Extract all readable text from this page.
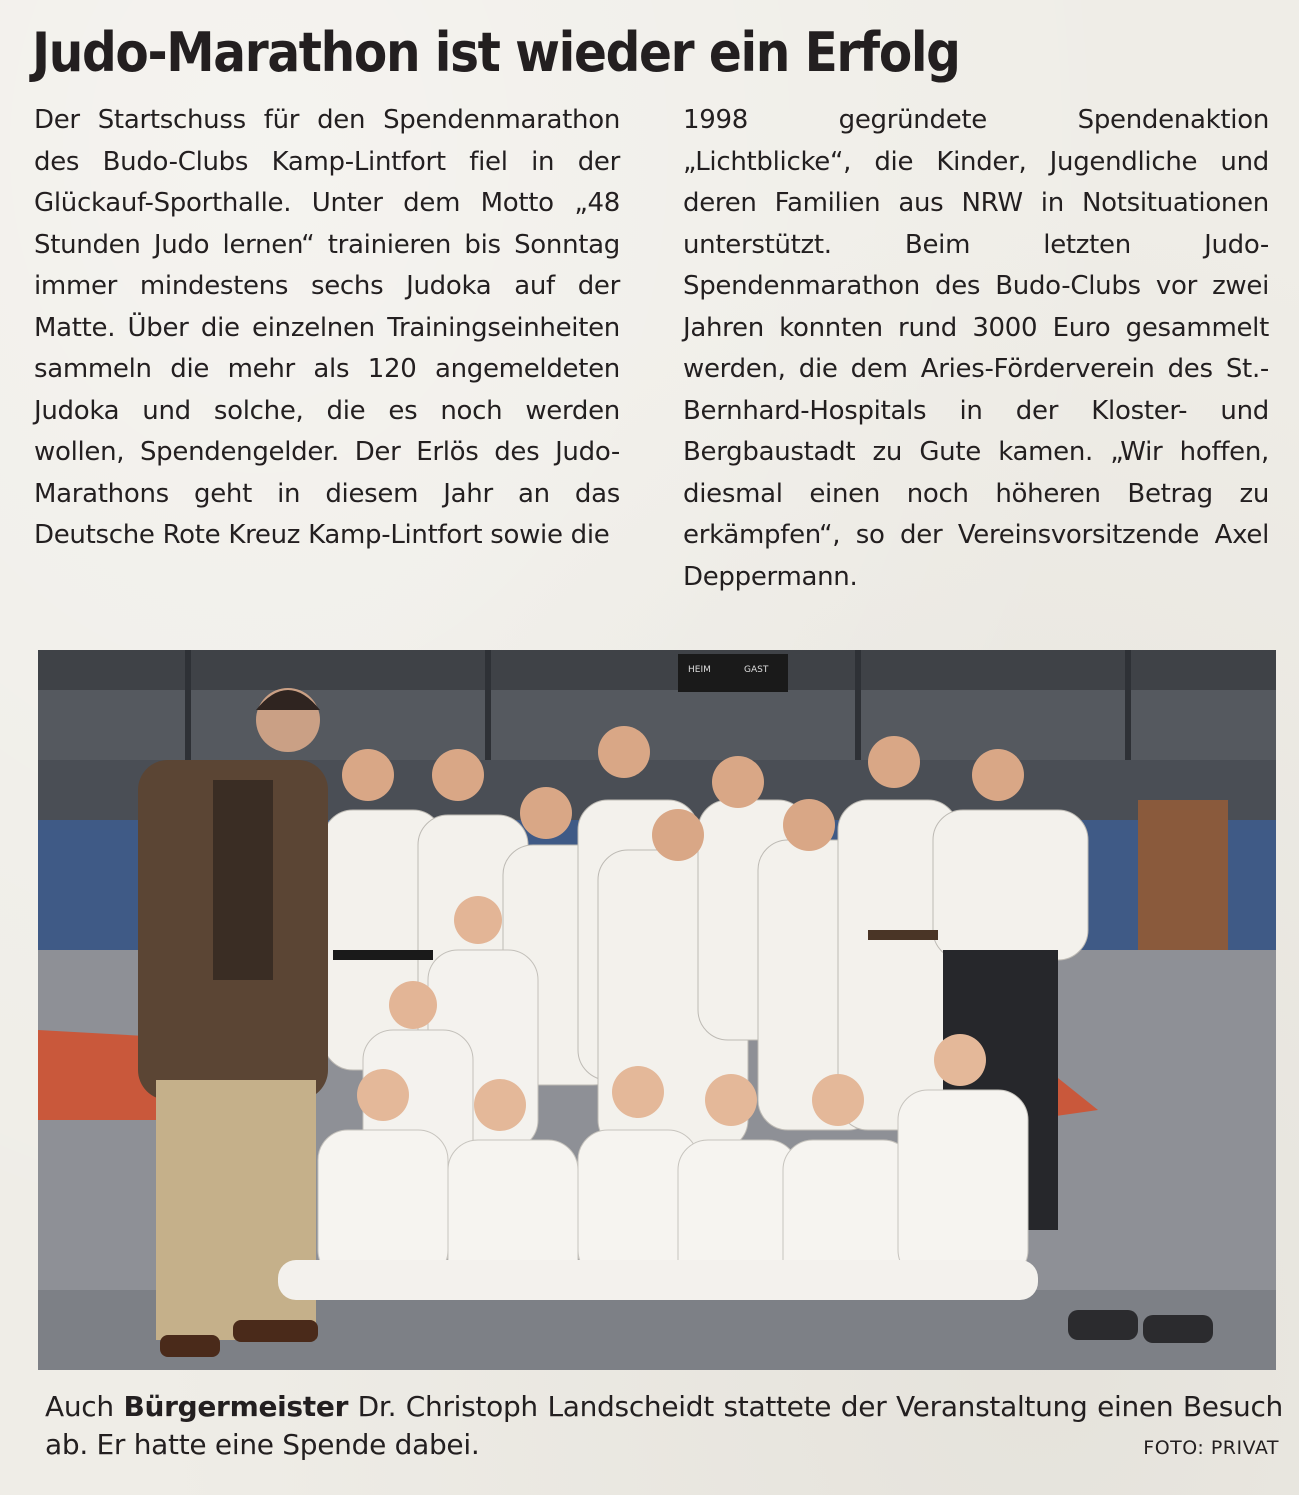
Judo-Marathon ist wieder ein Erfolg

Der Startschuss für den Spendenmarathon des Budo-Clubs Kamp-Lintfort fiel in der Glückauf-Sporthalle. Unter dem Motto „48 Stunden Judo lernen“ trainieren bis Sonntag immer mindestens sechs Judoka auf der Matte. Über die einzelnen Trainingseinheiten sammeln die mehr als 120 angemeldeten Judoka und solche, die es noch werden wollen, Spendengelder. Der Erlös des Judo-Marathons geht in diesem Jahr an das Deutsche Rote Kreuz Kamp-Lintfort sowie die

1998 gegründete Spendenaktion „Lichtblicke“, die Kinder, Jugendliche und deren Familien aus NRW in Notsituationen unterstützt. Beim letzten Judo-Spendenmarathon des Budo-Clubs vor zwei Jahren konnten rund 3000 Euro gesammelt werden, die dem Aries-Förderverein des St.-Bernhard-Hospitals in der Kloster- und Bergbaustadt zu Gute kamen. „Wir hoffen, diesmal einen noch höheren Betrag zu erkämpfen“, so der Vereinsvorsitzende Axel Deppermann.

HEIM	GAST
Auch Bürgermeister Dr. Christoph Landscheidt stattete der Veranstaltung einen Besuch ab. Er hatte eine Spende dabei.	FOTO: PRIVAT
